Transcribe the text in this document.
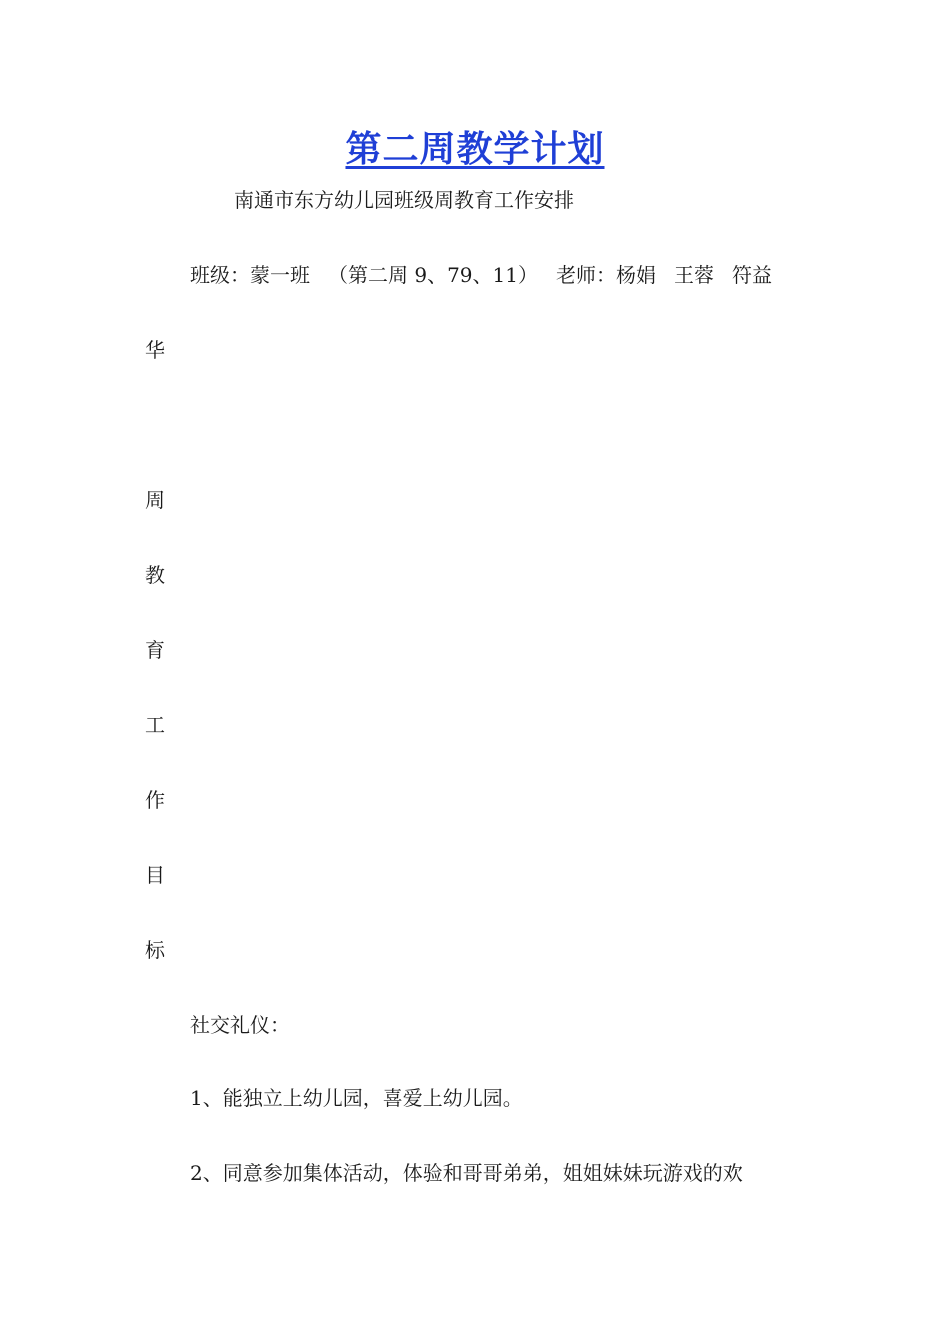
第二周教学计划
南通市东方幼儿园班级周教育工作安排
班级：蒙一班 （第二周 9、79、11） 老师：杨娟 王蓉 符益
华
周
教
育
工
作
目
标
社交礼仪：
1、能独立上幼儿园，喜爱上幼儿园。
2、同意参加集体活动，体验和哥哥弟弟，姐姐妹妹玩游戏的欢
